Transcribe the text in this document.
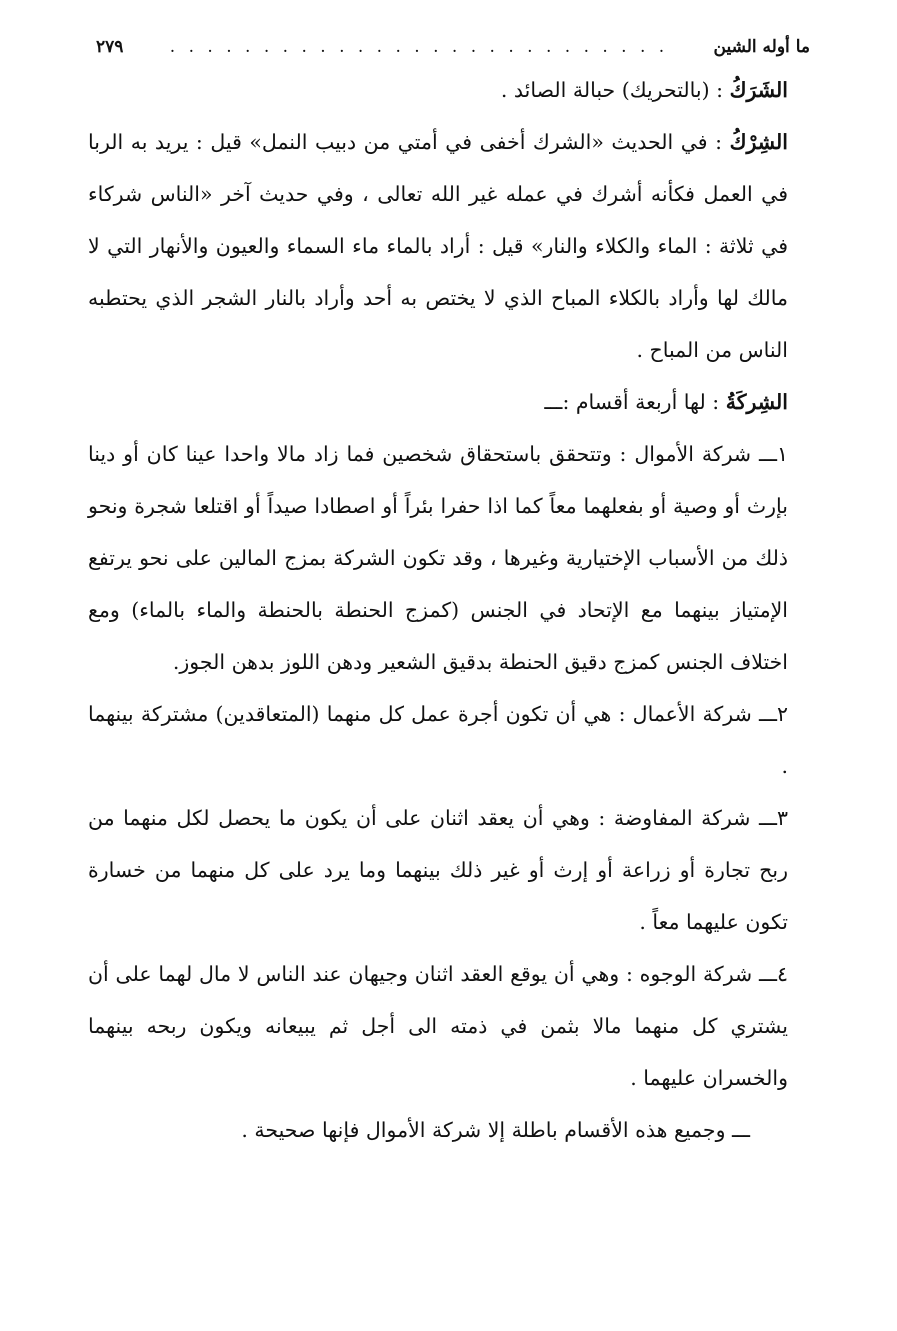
ما أوله الشين
. . . . . . . . . . . . . . . . . . . . . . . . . . .
٢٧٩

الشَرَكُ : (بالتحريك) حبالة الصائد .

الشِرْكُ : في الحديث «الشرك أخفى في أمتي من دبيب النمل» قيل : يريد به الربا في العمل فكأنه أشرك في عمله غير الله تعالى ، وفي حديث آخر «الناس شركاء في ثلاثة : الماء والكلاء والنار» قيل : أراد بالماء ماء السماء والعيون والأنهار التي لا مالك لها وأراد بالكلاء المباح الذي لا يختص به أحد وأراد بالنار الشجر الذي يحتطبه الناس من المباح .

الشِركَةُ : لها أربعة أقسام :ـــ

١ـــ شركة الأموال : وتتحقق باستحقاق شخصين فما زاد مالا واحدا عينا كان أو دينا بإرث أو وصية أو بفعلهما معاً كما اذا حفرا بئراً أو اصطادا صيداً أو اقتلعا شجرة ونحو ذلك من الأسباب الإختيارية وغيرها ، وقد تكون الشركة بمزج المالين على نحو يرتفع الإمتياز بينهما مع الإتحاد في الجنس (كمزج الحنطة بالحنطة والماء بالماء) ومع اختلاف الجنس كمزج دقيق الحنطة بدقيق الشعير ودهن اللوز بدهن الجوز.

٢ـــ شركة الأعمال : هي أن تكون أجرة عمل كل منهما (المتعاقدين) مشتركة بينهما .

٣ـــ شركة المفاوضة : وهي أن يعقد اثنان على أن يكون ما يحصل لكل منهما من ربح تجارة أو زراعة أو إرث أو غير ذلك بينهما وما يرد على كل منهما من خسارة تكون عليهما معاً .

٤ـــ شركة الوجوه : وهي أن يوقع العقد اثنان وجيهان عند الناس لا مال لهما على أن يشتري كل منهما مالا بثمن في ذمته الى أجل ثم يبيعانه ويكون ربحه بينهما والخسران عليهما .

ـــ وجميع هذه الأقسام باطلة إلا شركة الأموال فإنها صحيحة .
